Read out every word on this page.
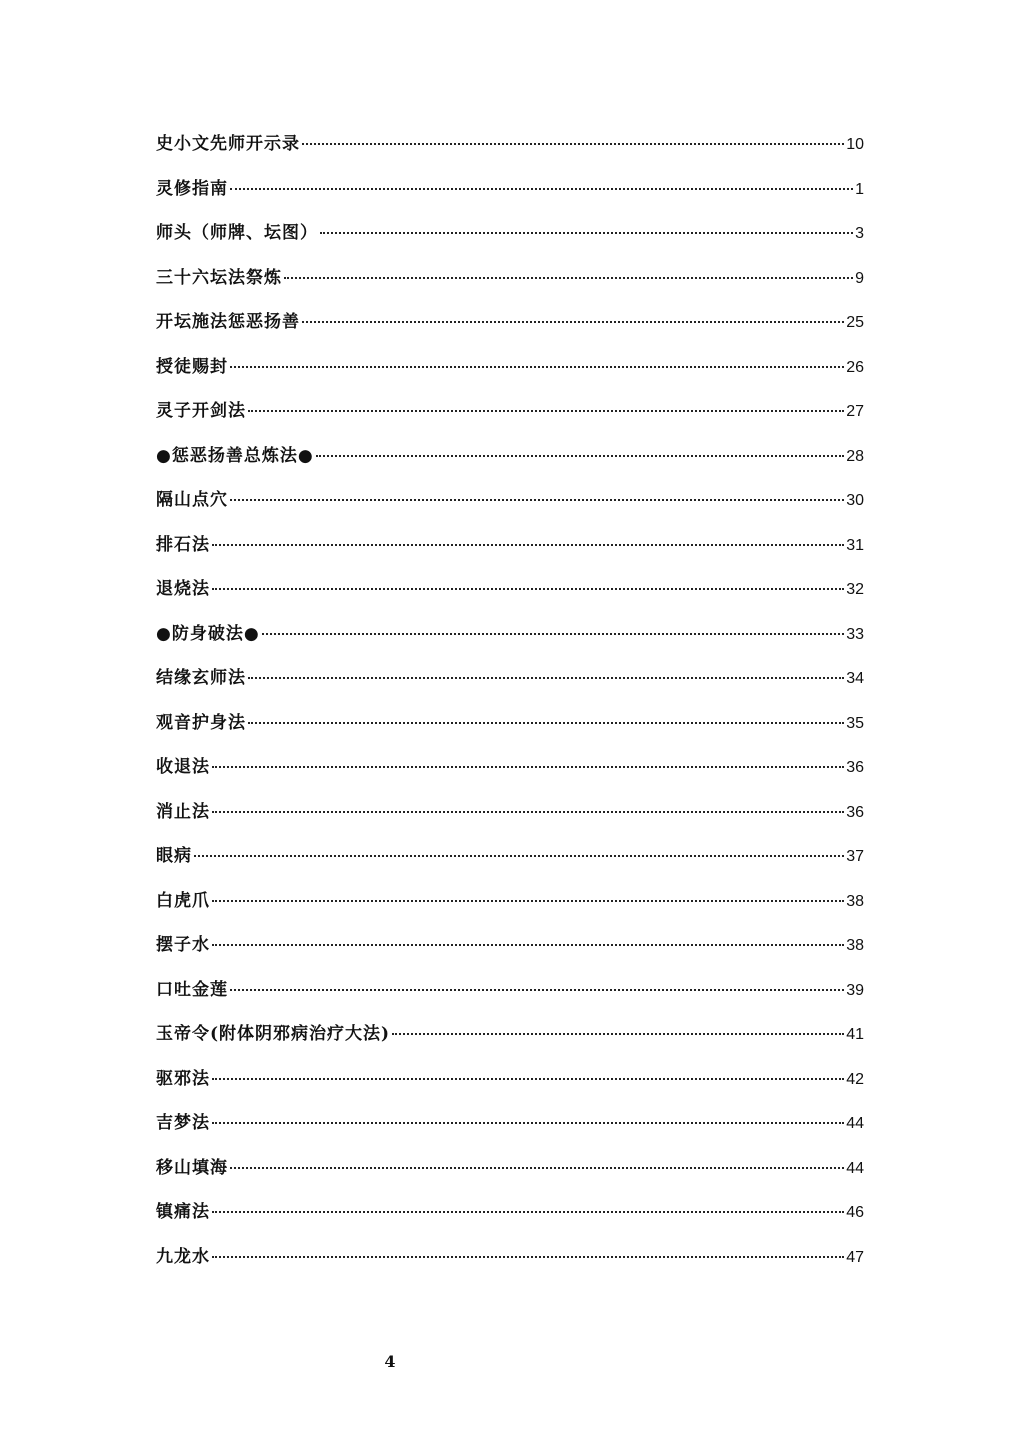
史小文先师开示录	10
灵修指南	1
师头（师牌、坛图）	3
三十六坛法祭炼	9
开坛施法惩恶扬善	25
授徒赐封	26
灵子开剑法	27
●惩恶扬善总炼法●	28
隔山点穴	30
排石法	31
退烧法	32
●防身破法●	33
结缘玄师法	34
观音护身法	35
收退法	36
消止法	36
眼病	37
白虎爪	38
摆子水	38
口吐金莲	39
玉帝令(附体阴邪病治疗大法)	41
驱邪法	42
吉梦法	44
移山填海	44
镇痛法	46
九龙水	47
4
